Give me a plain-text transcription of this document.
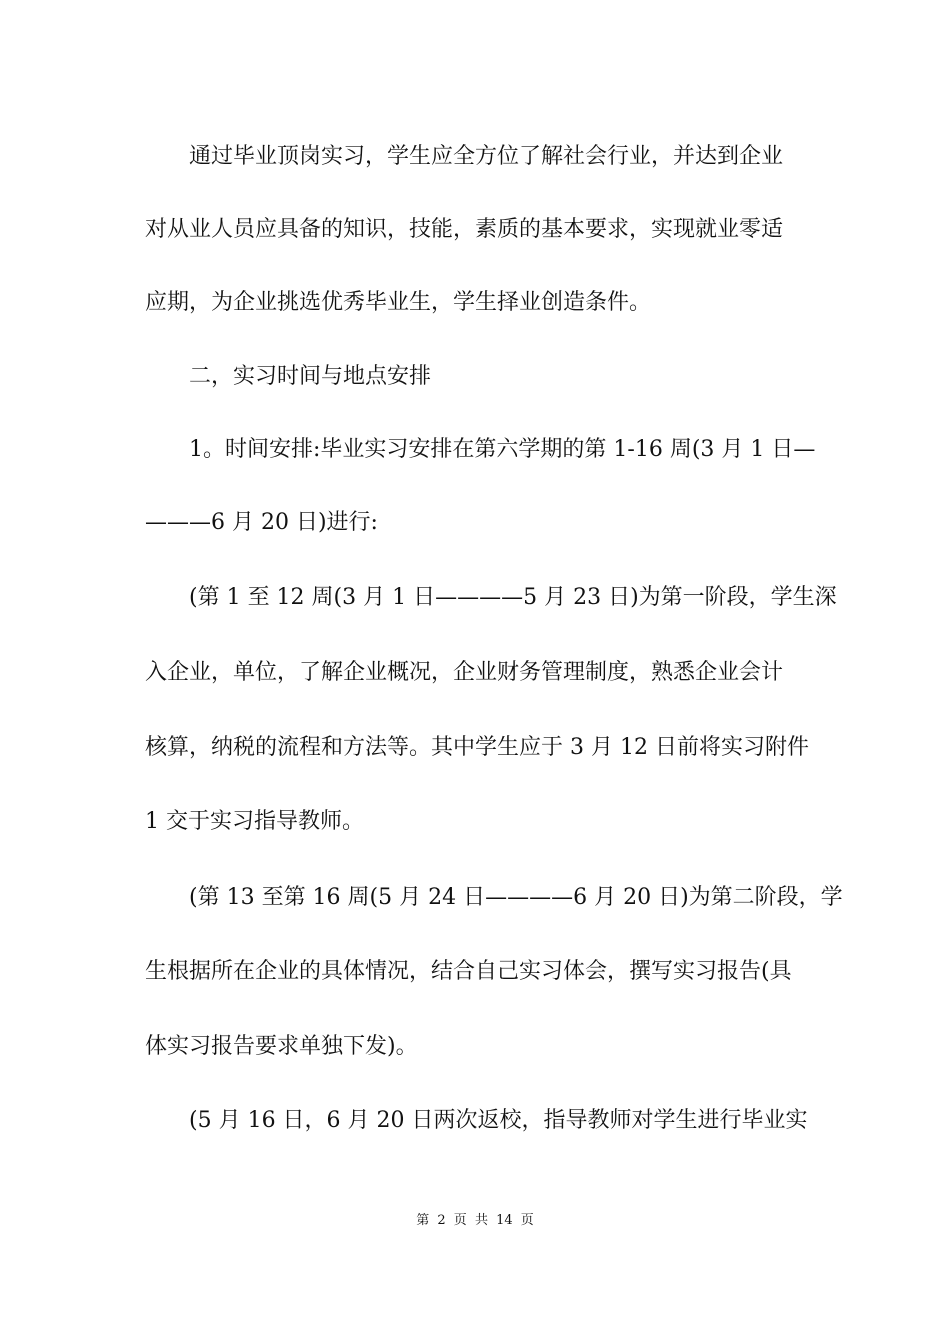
　　通过毕业顶岗实习，学生应全方位了解社会行业，并达到企业
对从业人员应具备的知识，技能，素质的基本要求，实现就业零适
应期，为企业挑选优秀毕业生，学生择业创造条件。
　　二，实习时间与地点安排
　　1。时间安排:毕业实习安排在第六学期的第 1-16 周(3 月 1 日—
———6 月 20 日)进行:
　　(第 1 至 12 周(3 月 1 日————5 月 23 日)为第一阶段，学生深
入企业，单位，了解企业概况，企业财务管理制度，熟悉企业会计
核算，纳税的流程和方法等。其中学生应于 3 月 12 日前将实习附件
1 交于实习指导教师。
　　(第 13 至第 16 周(5 月 24 日————6 月 20 日)为第二阶段，学
生根据所在企业的具体情况，结合自己实习体会，撰写实习报告(具
体实习报告要求单独下发)。
　　(5 月 16 日，6 月 20 日两次返校，指导教师对学生进行毕业实
第 2 页 共 14 页
